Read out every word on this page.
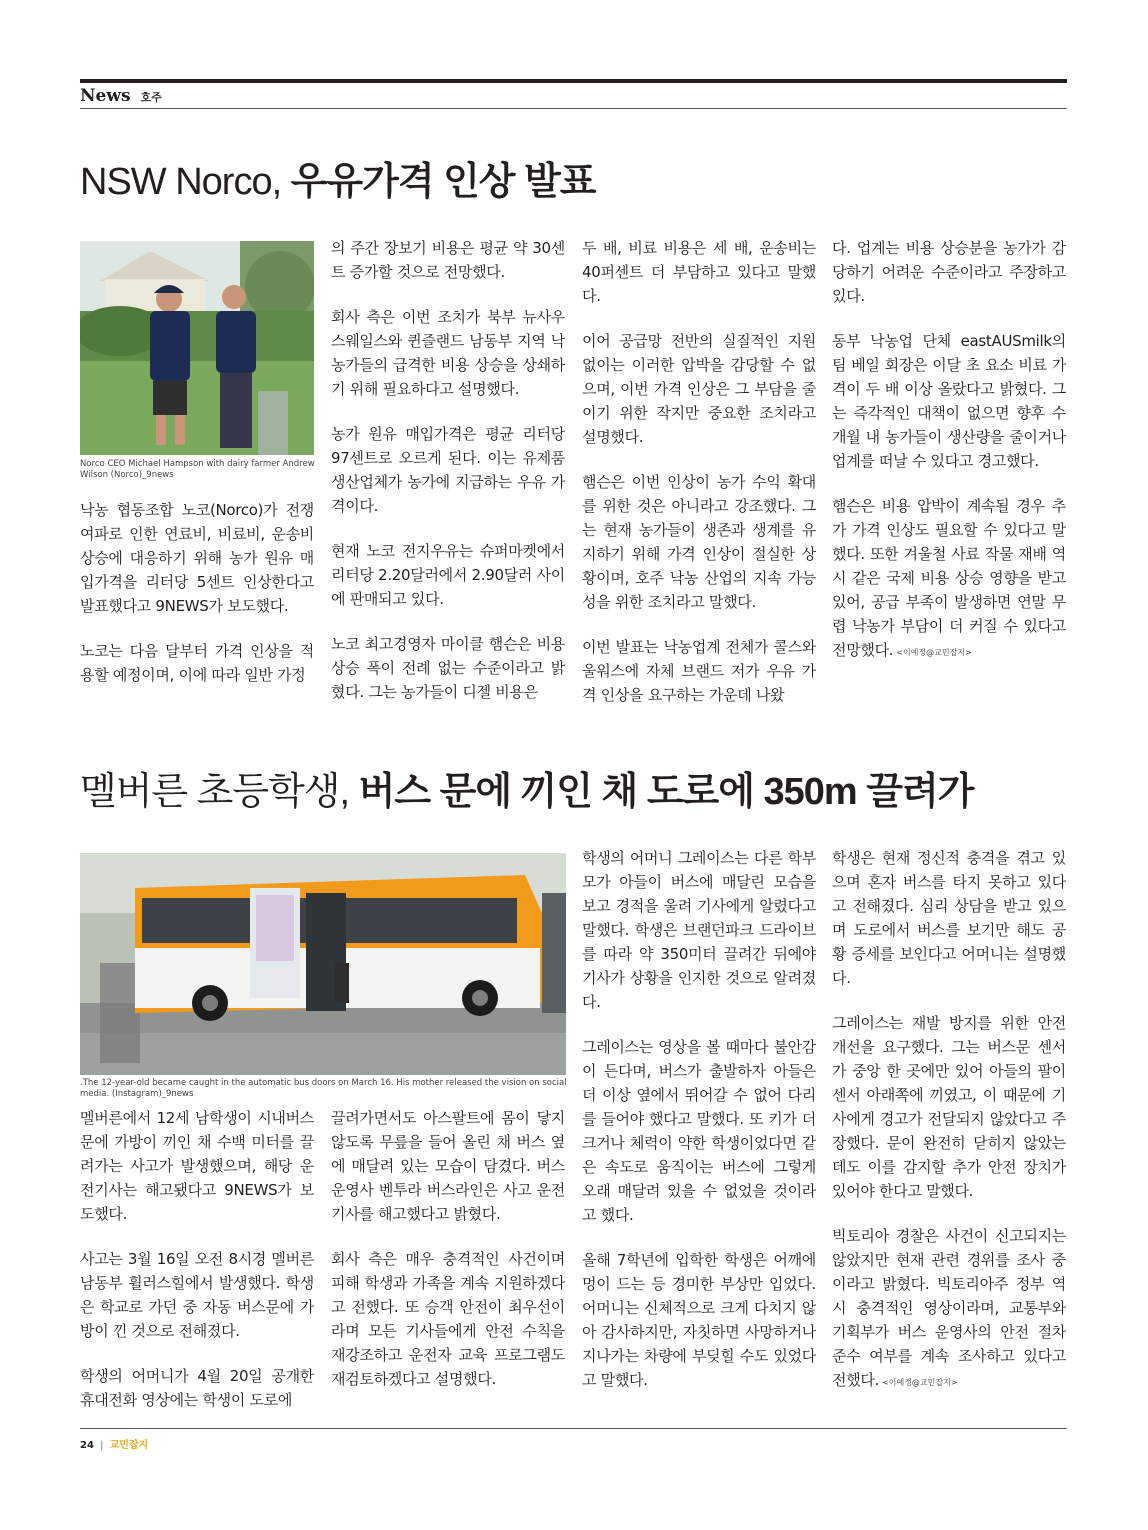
News 호주
NSW Norco, 우유가격 인상 발표
Norco CEO Michael Hampson with dairy farmer Andrew Wilson (Norco)_9news

낙농 협동조합 노코(Norco)가 전쟁 여파로 인한 연료비, 비료비, 운송비 상승에 대응하기 위해 농가 원유 매입가격을 리터당 5센트 인상한다고 발표했다고 9NEWS가 보도했다.

노코는 다음 달부터 가격 인상을 적용할 예정이며, 이에 따라 일반 가정

의 주간 장보기 비용은 평균 약 30센트 증가할 것으로 전망했다.

회사 측은 이번 조치가 북부 뉴사우스웨일스와 퀸즐랜드 남동부 지역 낙농가들의 급격한 비용 상승을 상쇄하기 위해 필요하다고 설명했다.

농가 원유 매입가격은 평균 리터당 97센트로 오르게 된다. 이는 유제품 생산업체가 농가에 지급하는 우유 가격이다.

현재 노코 전지우유는 슈퍼마켓에서 리터당 2.20달러에서 2.90달러 사이에 판매되고 있다.

노코 최고경영자 마이클 햄슨은 비용 상승 폭이 전례 없는 수준이라고 밝혔다. 그는 농가들이 디젤 비용은

두 배, 비료 비용은 세 배, 운송비는 40퍼센트 더 부담하고 있다고 말했다.

이어 공급망 전반의 실질적인 지원 없이는 이러한 압박을 감당할 수 없으며, 이번 가격 인상은 그 부담을 줄이기 위한 작지만 중요한 조치라고 설명했다.

햄슨은 이번 인상이 농가 수익 확대를 위한 것은 아니라고 강조했다. 그는 현재 농가들이 생존과 생계를 유지하기 위해 가격 인상이 절실한 상황이며, 호주 낙농 산업의 지속 가능성을 위한 조치라고 말했다.

이번 발표는 낙농업계 전체가 콜스와 울워스에 자체 브랜드 저가 우유 가격 인상을 요구하는 가운데 나왔

다. 업계는 비용 상승분을 농가가 감당하기 어려운 수준이라고 주장하고 있다.

동부 낙농업 단체 eastAUSmilk의 팀 베일 회장은 이달 초 요소 비료 가격이 두 배 이상 올랐다고 밝혔다. 그는 즉각적인 대책이 없으면 향후 수개월 내 농가들이 생산량을 줄이거나 업계를 떠날 수 있다고 경고했다.

햄슨은 비용 압박이 계속될 경우 추가 가격 인상도 필요할 수 있다고 말했다. 또한 겨울철 사료 작물 재배 역시 같은 국제 비용 상승 영향을 받고 있어, 공급 부족이 발생하면 연말 무렵 낙농가 부담이 더 커질 수 있다고 전망했다. <이예정@교민잡지>

멜버른 초등학생, 버스 문에 끼인 채 도로에 350m 끌려가
.The 12-year-old became caught in the automatic bus doors on March 16. His mother released the vision on social media. (Instagram)_9news

멜버른에서 12세 남학생이 시내버스 문에 가방이 끼인 채 수백 미터를 끌려가는 사고가 발생했으며, 해당 운전기사는 해고됐다고 9NEWS가 보도했다.

사고는 3월 16일 오전 8시경 멜버른 남동부 휠러스힐에서 발생했다. 학생은 학교로 가던 중 자동 버스문에 가방이 낀 것으로 전해졌다.

학생의 어머니가 4월 20일 공개한 휴대전화 영상에는 학생이 도로에

끌려가면서도 아스팔트에 몸이 닿지 않도록 무릎을 들어 올린 채 버스 옆에 매달려 있는 모습이 담겼다. 버스 운영사 벤투라 버스라인은 사고 운전기사를 해고했다고 밝혔다.

회사 측은 매우 충격적인 사건이며 피해 학생과 가족을 계속 지원하겠다고 전했다. 또 승객 안전이 최우선이라며 모든 기사들에게 안전 수칙을 재강조하고 운전자 교육 프로그램도 재검토하겠다고 설명했다.

학생의 어머니 그레이스는 다른 학부모가 아들이 버스에 매달린 모습을 보고 경적을 울려 기사에게 알렸다고 말했다. 학생은 브랜던파크 드라이브를 따라 약 350미터 끌려간 뒤에야 기사가 상황을 인지한 것으로 알려졌다.

그레이스는 영상을 볼 때마다 불안감이 든다며, 버스가 출발하자 아들은 더 이상 옆에서 뛰어갈 수 없어 다리를 들어야 했다고 말했다. 또 키가 더 크거나 체력이 약한 학생이었다면 같은 속도로 움직이는 버스에 그렇게 오래 매달려 있을 수 없었을 것이라고 했다.

올해 7학년에 입학한 학생은 어깨에 멍이 드는 등 경미한 부상만 입었다. 어머니는 신체적으로 크게 다치지 않아 감사하지만, 자칫하면 사망하거나 지나가는 차량에 부딪힐 수도 있었다고 말했다.

학생은 현재 정신적 충격을 겪고 있으며 혼자 버스를 타지 못하고 있다고 전해졌다. 심리 상담을 받고 있으며 도로에서 버스를 보기만 해도 공황 증세를 보인다고 어머니는 설명했다.

그레이스는 재발 방지를 위한 안전 개선을 요구했다. 그는 버스문 센서가 중앙 한 곳에만 있어 아들의 팔이 센서 아래쪽에 끼였고, 이 때문에 기사에게 경고가 전달되지 않았다고 주장했다. 문이 완전히 닫히지 않았는데도 이를 감지할 추가 안전 장치가 있어야 한다고 말했다.

빅토리아 경찰은 사건이 신고되지는 않았지만 현재 관련 경위를 조사 중이라고 밝혔다. 빅토리아주 정부 역시 충격적인 영상이라며, 교통부와 기획부가 버스 운영사의 안전 절차 준수 여부를 계속 조사하고 있다고 전했다. <이예정@교민잡지>

24 | 교민잡지
